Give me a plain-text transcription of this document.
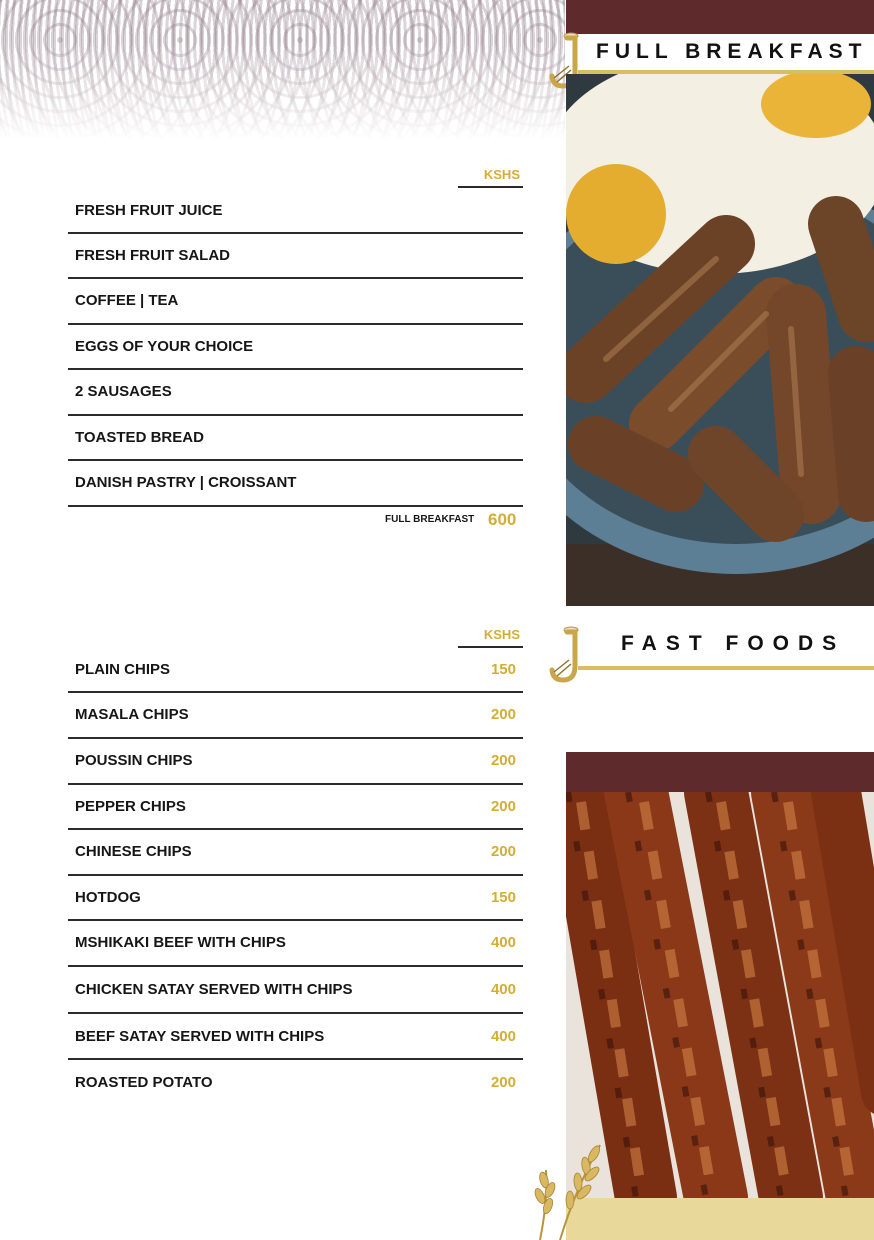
FULL BREAKFAST
KSHS
FRESH FRUIT JUICE
FRESH FRUIT SALAD
COFFEE | TEA
EGGS OF YOUR CHOICE
2 SAUSAGES
TOASTED BREAD
DANISH PASTRY | CROISSANT
FULL BREAKFAST 600
FAST FOODS
KSHS
PLAIN CHIPS	150
MASALA CHIPS	200
POUSSIN CHIPS	200
PEPPER CHIPS	200
CHINESE CHIPS	200
HOTDOG	150
MSHIKAKI BEEF WITH CHIPS	400
CHICKEN SATAY SERVED WITH CHIPS	400
BEEF SATAY SERVED WITH CHIPS	400
ROASTED POTATO	200
